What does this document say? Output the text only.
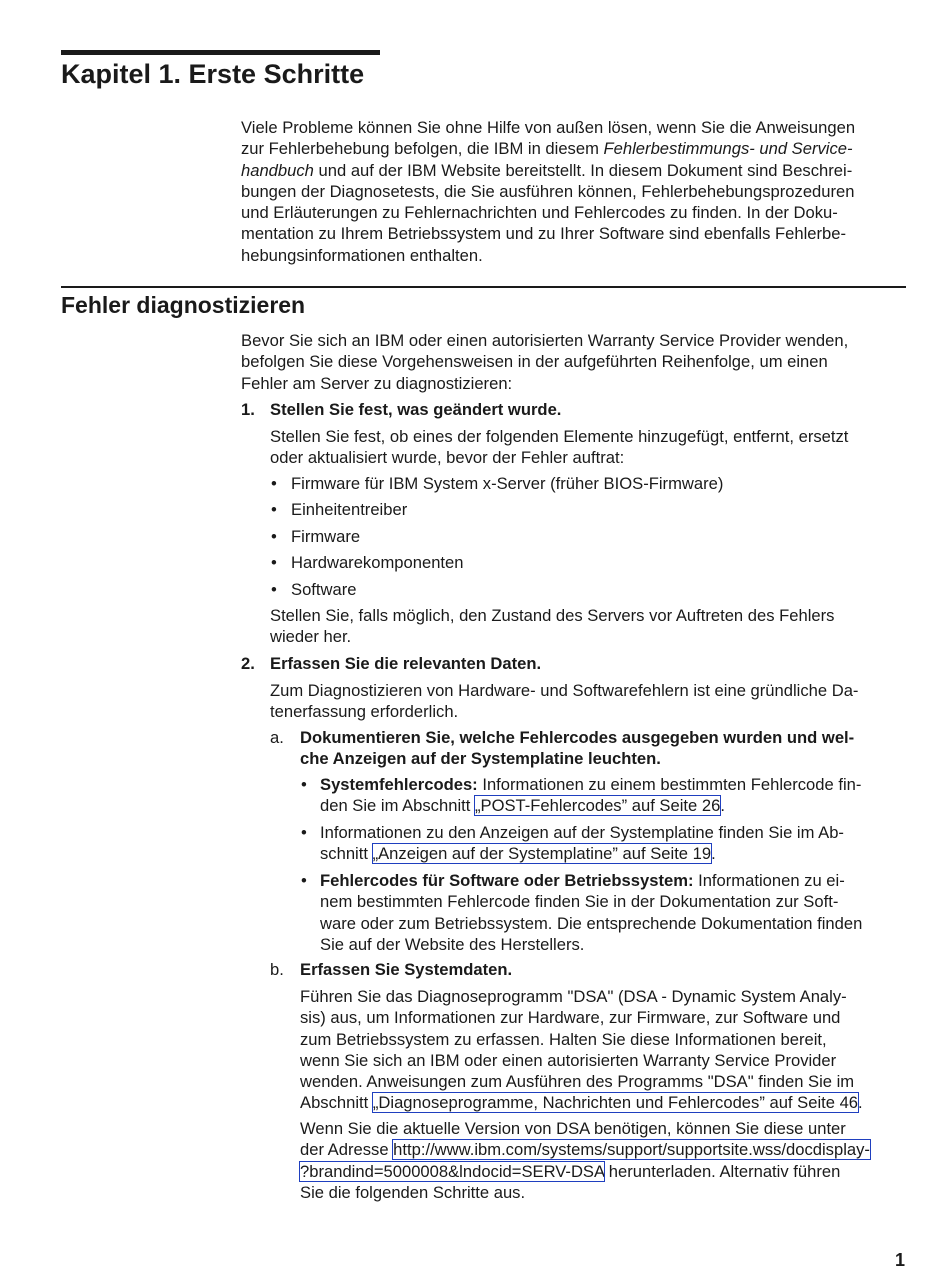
Kapitel 1. Erste Schritte
Viele Probleme können Sie ohne Hilfe von außen lösen, wenn Sie die Anweisungen
zur Fehlerbehebung befolgen, die IBM in diesem Fehlerbestimmungs- und Service-
handbuch und auf der IBM Website bereitstellt. In diesem Dokument sind Beschrei-
bungen der Diagnosetests, die Sie ausführen können, Fehlerbehebungsprozeduren
und Erläuterungen zu Fehlernachrichten und Fehlercodes zu finden. In der Doku-
mentation zu Ihrem Betriebssystem und zu Ihrer Software sind ebenfalls Fehlerbe-
hebungsinformationen enthalten.
Fehler diagnostizieren
Bevor Sie sich an IBM oder einen autorisierten Warranty Service Provider wenden,
befolgen Sie diese Vorgehensweisen in der aufgeführten Reihenfolge, um einen
Fehler am Server zu diagnostizieren:
1. Stellen Sie fest, was geändert wurde.

Stellen Sie fest, ob eines der folgenden Elemente hinzugefügt, entfernt, ersetzt
oder aktualisiert wurde, bevor der Fehler auftrat:
• Firmware für IBM System x-Server (früher BIOS-Firmware)

• Einheitentreiber

• Firmware

• Hardwarekomponenten

• Software

Stellen Sie, falls möglich, den Zustand des Servers vor Auftreten des Fehlers
wieder her.
2. Erfassen Sie die relevanten Daten.

Zum Diagnostizieren von Hardware- und Softwarefehlern ist eine gründliche Da-
tenerfassung erforderlich.
a. Dokumentieren Sie, welche Fehlercodes ausgegeben wurden und wel-
che Anzeigen auf der Systemplatine leuchten.
• Systemfehlercodes: Informationen zu einem bestimmten Fehlercode fin-
den Sie im Abschnitt „POST-Fehlercodes” auf Seite 26.
• Informationen zu den Anzeigen auf der Systemplatine finden Sie im Ab-
schnitt „Anzeigen auf der Systemplatine” auf Seite 19.
• Fehlercodes für Software oder Betriebssystem: Informationen zu ei-
nem bestimmten Fehlercode finden Sie in der Dokumentation zur Soft-
ware oder zum Betriebssystem. Die entsprechende Dokumentation finden
Sie auf der Website des Herstellers.
b. Erfassen Sie Systemdaten.

Führen Sie das Diagnoseprogramm "DSA" (DSA - Dynamic System Analy-
sis) aus, um Informationen zur Hardware, zur Firmware, zur Software und
zum Betriebssystem zu erfassen. Halten Sie diese Informationen bereit,
wenn Sie sich an IBM oder einen autorisierten Warranty Service Provider
wenden. Anweisungen zum Ausführen des Programms "DSA" finden Sie im
Abschnitt „Diagnoseprogramme, Nachrichten und Fehlercodes” auf Seite 46.
Wenn Sie die aktuelle Version von DSA benötigen, können Sie diese unter
der Adresse http://www.ibm.com/systems/support/supportsite.wss/docdisplay-
?brandind=5000008&lndocid=SERV-DSA herunterladen. Alternativ führen
Sie die folgenden Schritte aus.
1
